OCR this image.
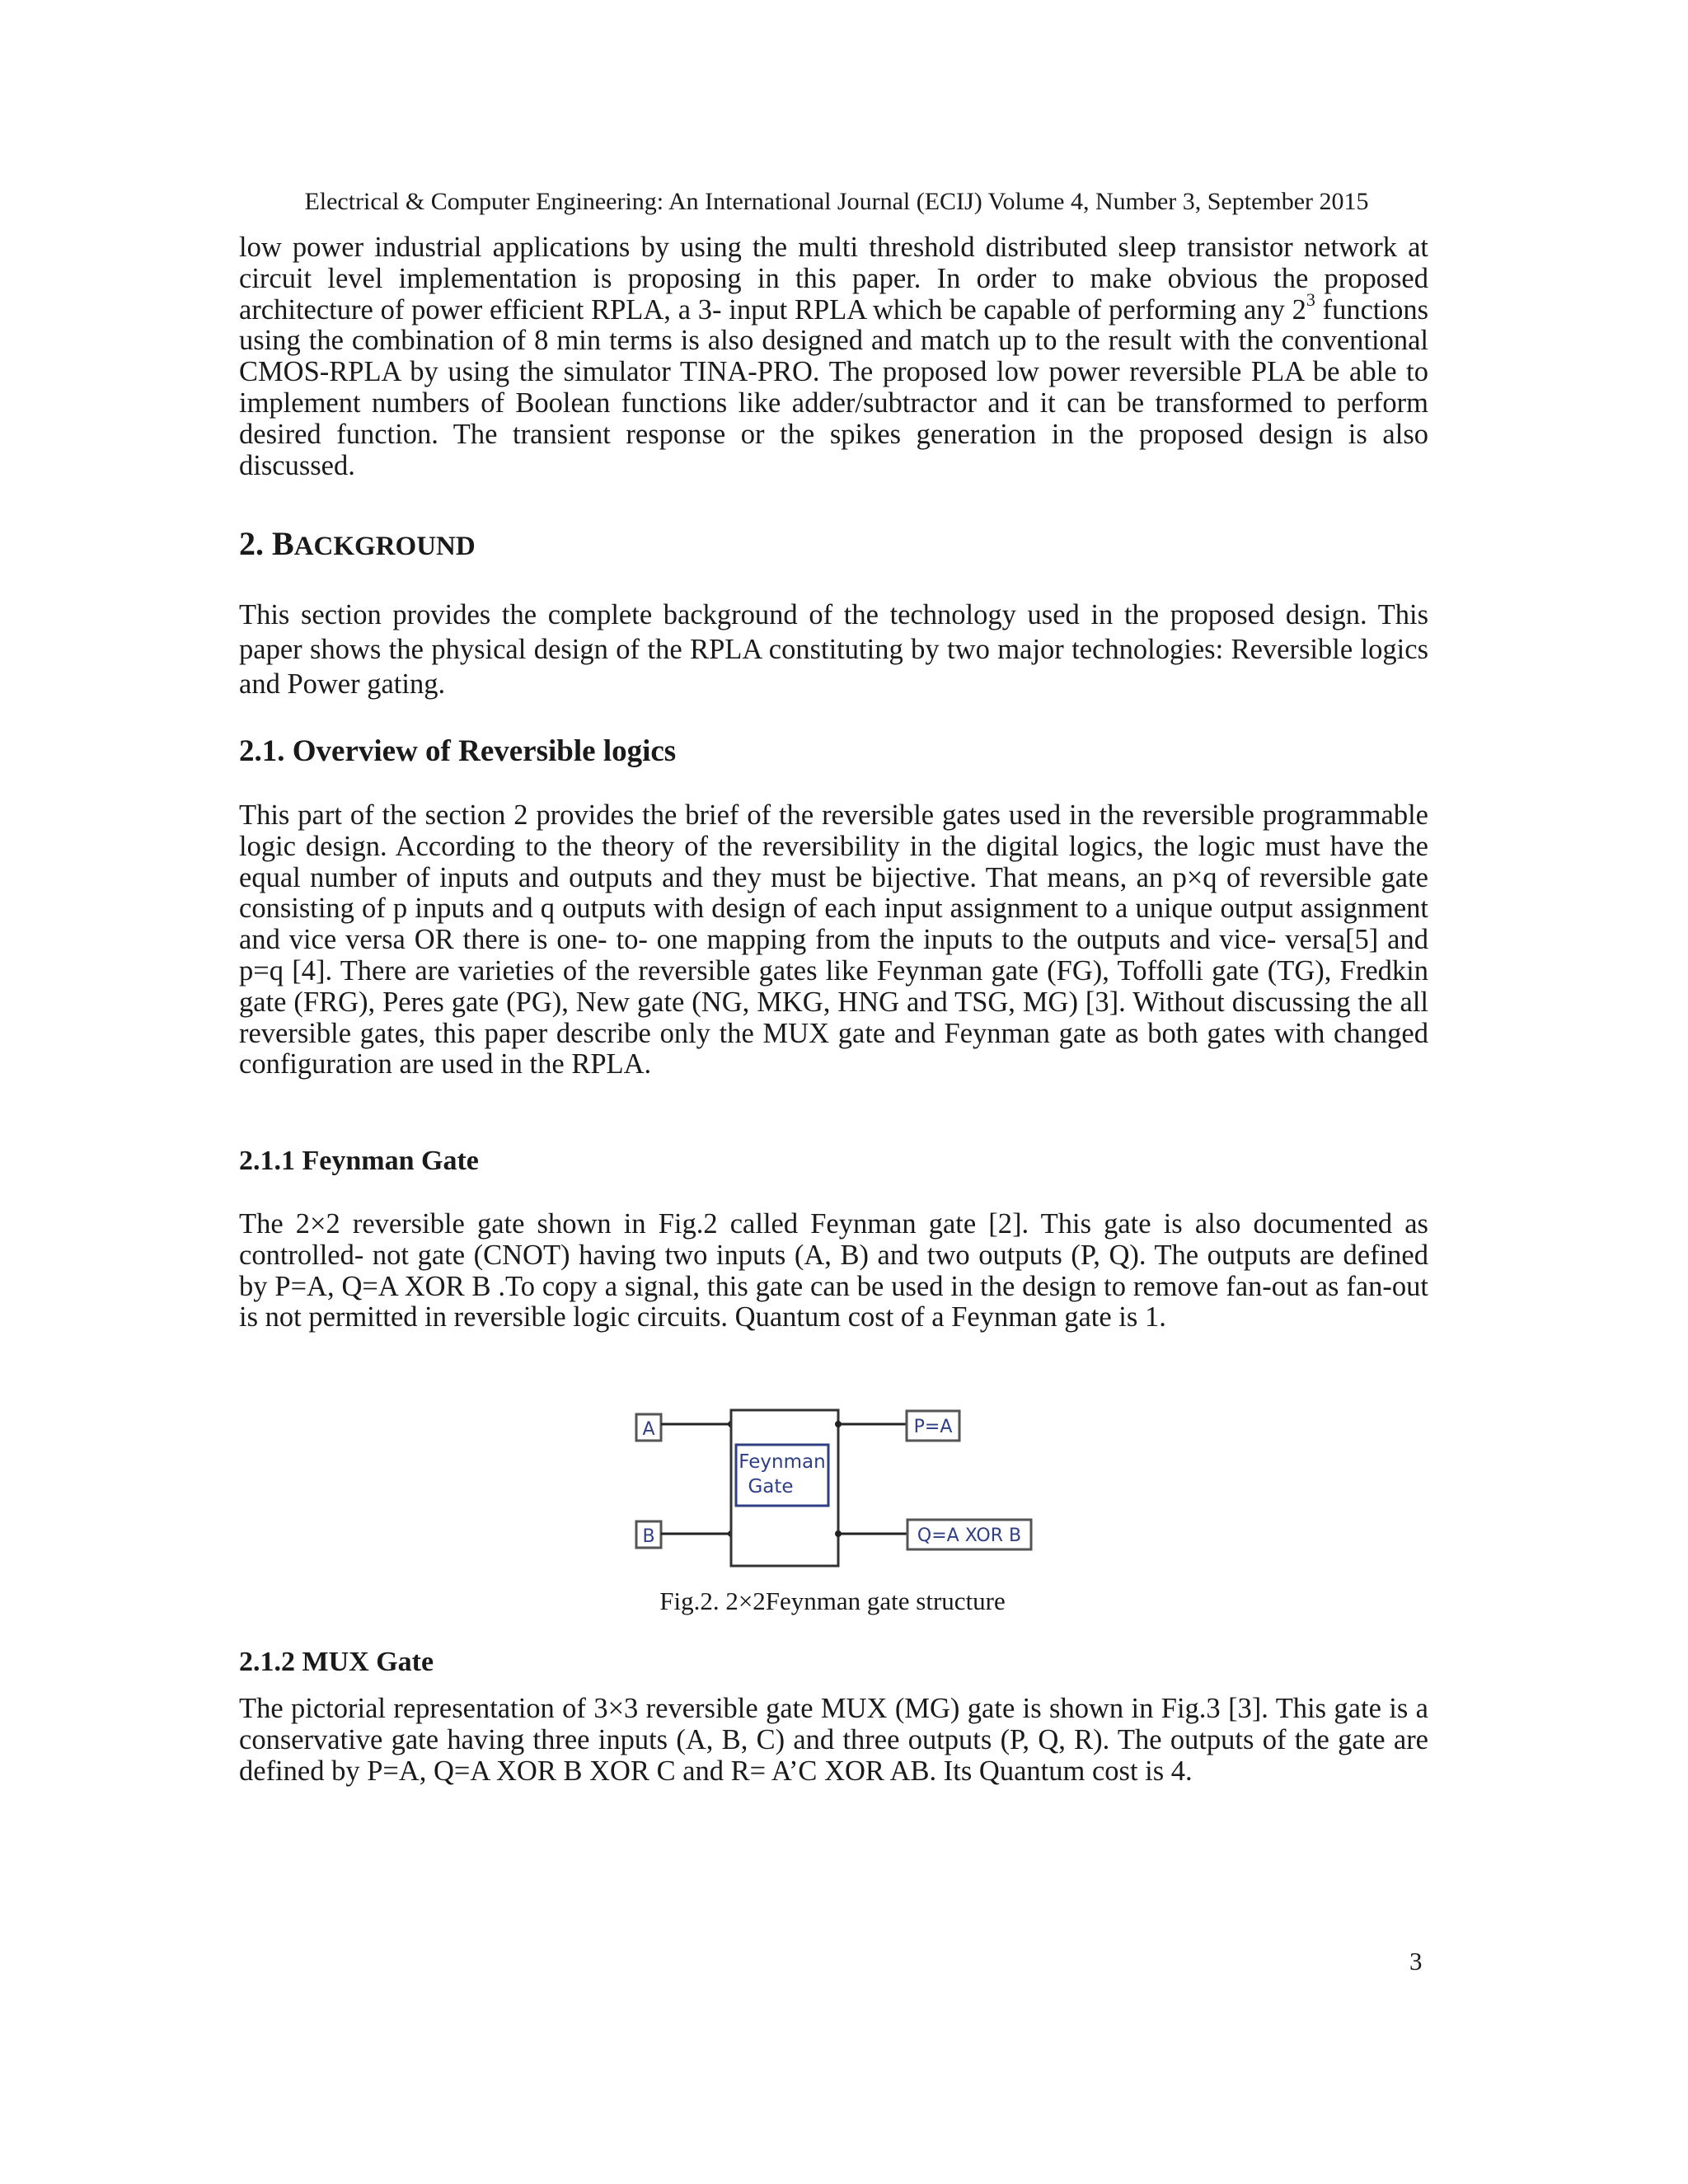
Electrical & Computer Engineering: An International Journal (ECIJ) Volume 4, Number 3, September 2015

low power industrial applications by using the multi threshold distributed sleep transistor network at circuit level implementation is proposing in this paper. In order to make obvious the proposed architecture of power efficient RPLA, a 3- input RPLA which be capable of performing any $2^3$ functions using the combination of 8 min terms is also designed and match up to the result with the conventional CMOS-RPLA by using the simulator TINA-PRO. The proposed low power reversible PLA be able to implement numbers of Boolean functions like adder/subtractor and it can be transformed to perform desired function. The transient response or the spikes generation in the proposed design is also discussed.

2. BACKGROUND

This section provides the complete background of the technology used in the proposed design. This paper shows the physical design of the RPLA constituting by two major technologies: Reversible logics and Power gating.

2.1. Overview of Reversible logics

This part of the section 2 provides the brief of the reversible gates used in the reversible programmable logic design. According to the theory of the reversibility in the digital logics, the logic must have the equal number of inputs and outputs and they must be bijective. That means, an p×q of reversible gate consisting of p inputs and q outputs with design of each input assignment to a unique output assignment and vice versa OR there is one- to- one mapping from the inputs to the outputs and vice- versa[5] and p=q [4]. There are varieties of the reversible gates like Feynman gate (FG), Toffolli gate (TG), Fredkin gate (FRG), Peres gate (PG), New gate (NG, MKG, HNG and TSG, MG) [3]. Without discussing the all reversible gates, this paper describe only the MUX gate and Feynman gate as both gates with changed configuration are used in the RPLA.

2.1.1 Feynman Gate

The 2×2 reversible gate shown in Fig.2 called Feynman gate [2]. This gate is also documented as controlled- not gate (CNOT) having two inputs (A, B) and two outputs (P, Q). The outputs are defined by P=A, Q=A XOR B .To copy a signal, this gate can be used in the design to remove fan-out as fan-out is not permitted in reversible logic circuits. Quantum cost of a Feynman gate is 1.

A
B
Feynman
Gate
P=A
Q=A XOR B
Fig.2. 2×2Feynman gate structure
2.1.2 MUX Gate

The pictorial representation of 3×3 reversible gate MUX (MG) gate is shown in Fig.3 [3]. This gate is a conservative gate having three inputs (A, B, C) and three outputs (P, Q, R). The outputs of the gate are defined by P=A, Q=A XOR B XOR C and R= A’C XOR AB. Its Quantum cost is 4.

3
